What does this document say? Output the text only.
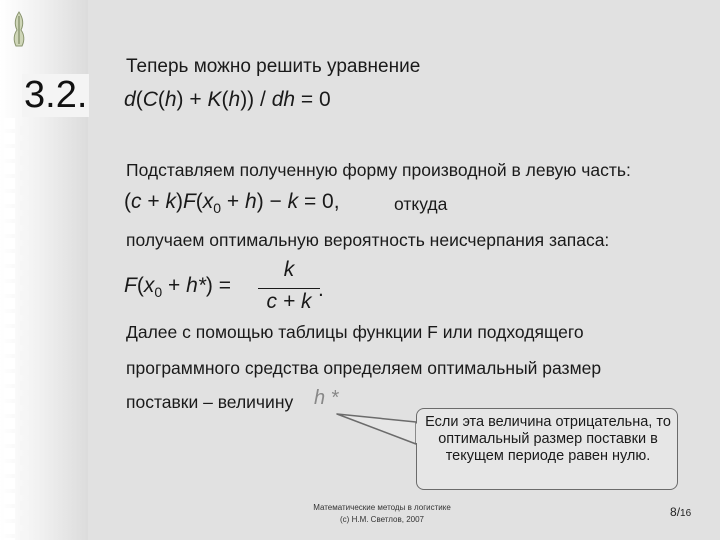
3.2.
Теперь можно решить уравнение
d(C(h) + K(h)) / dh = 0
Подставляем полученную форму производной в левую часть:
$(c + k)F(x_0 + h) - k = 0$,	откуда
получаем оптимальную вероятность неисчерпания запаса:
$F(x_0 + h*)$ =
k
c + k
.
Далее с помощью таблицы функции F или подходящего
программного средства определяем оптимальный размер
поставки – величину h *
Если эта величина отрицательна, то оптимальный размер поставки в текущем периоде равен нулю.
Математические методы в логистике
(c) Н.М. Светлов, 2007
8/16
